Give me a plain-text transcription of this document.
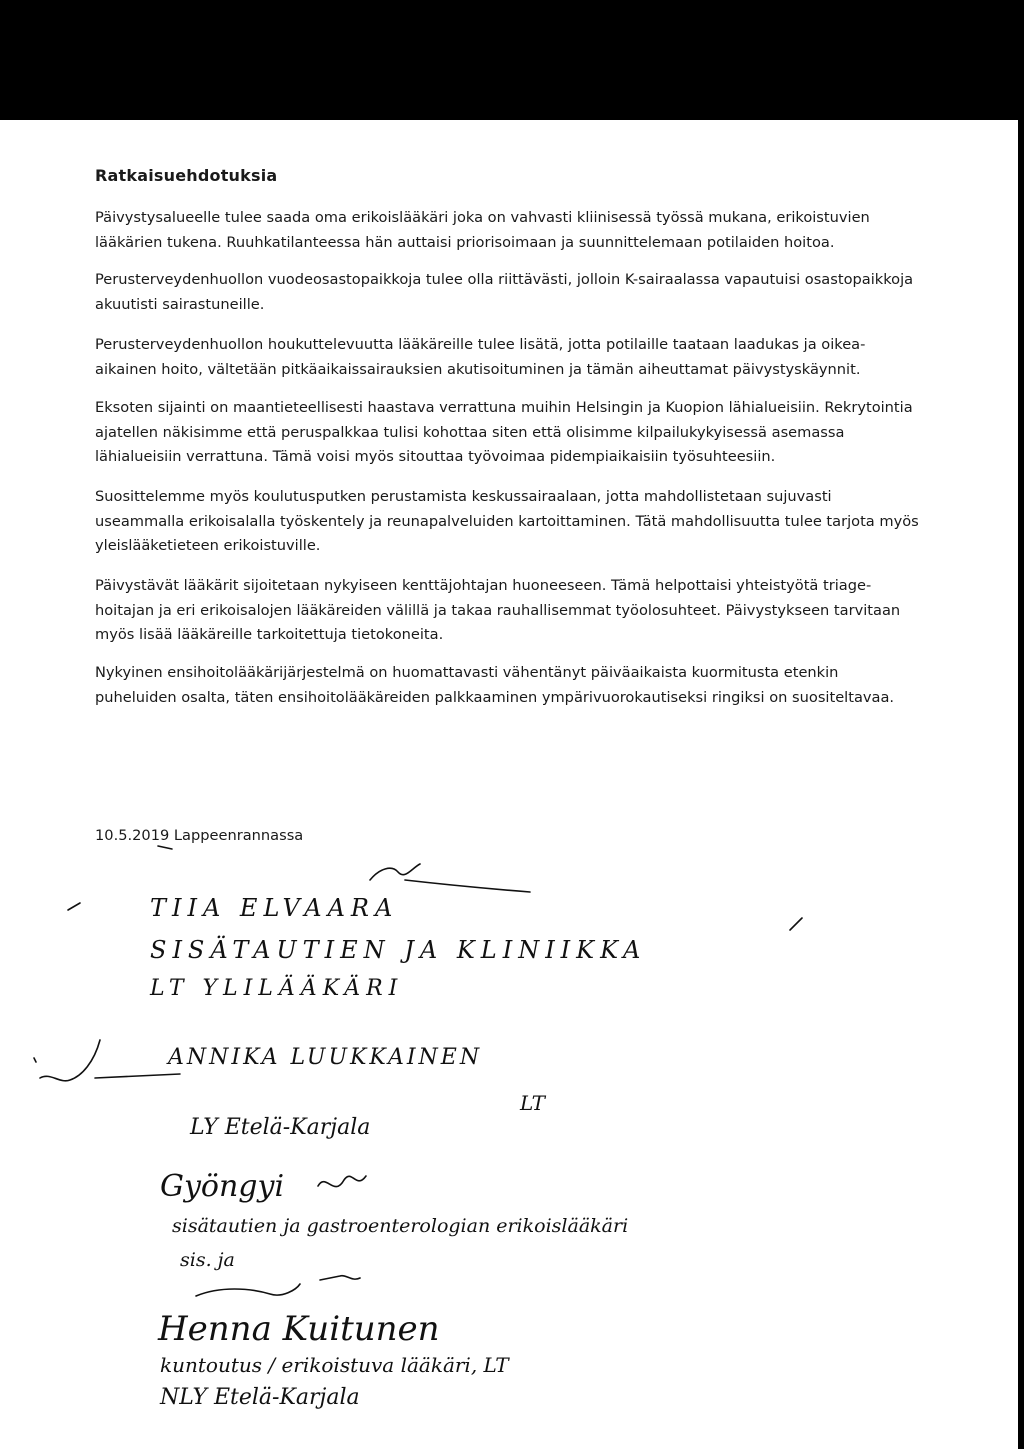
Ratkaisuehdotuksia

Päivystysalueelle tulee saada oma erikoislääkäri joka on vahvasti kliinisessä työssä mukana, erikoistuvien lääkärien tukena. Ruuhkatilanteessa hän auttaisi priorisoimaan ja suunnittelemaan potilaiden hoitoa.

Perusterveydenhuollon vuodeosastopaikkoja tulee olla riittävästi, jolloin K-sairaalassa vapautuisi osastopaikkoja akuutisti sairastuneille.

Perusterveydenhuollon houkuttelevuutta lääkäreille tulee lisätä, jotta potilaille taataan laadukas ja oikea-aikainen hoito, vältetään pitkäaikaissairauksien akutisoituminen ja tämän aiheuttamat päivystyskäynnit.

Eksoten sijainti on maantieteellisesti haastava verrattuna muihin Helsingin ja Kuopion lähialueisiin. Rekrytointia ajatellen näkisimme että peruspalkkaa tulisi kohottaa siten että olisimme kilpailukykyisessä asemassa lähialueisiin verrattuna. Tämä voisi myös sitouttaa työvoimaa pidempiaikaisiin työsuhteesiin.

Suosittelemme myös koulutusputken perustamista keskussairaalaan, jotta mahdollistetaan sujuvasti useammalla erikoisalalla työskentely ja reunapalveluiden kartoittaminen. Tätä mahdollisuutta tulee tarjota myös yleislääketieteen erikoistuville.

Päivystävät lääkärit sijoitetaan nykyiseen kenttäjohtajan huoneeseen. Tämä helpottaisi yhteistyötä triage-hoitajan ja eri erikoisalojen lääkäreiden välillä ja takaa rauhallisemmat työolosuhteet. Päivystykseen tarvitaan myös lisää lääkäreille tarkoitettuja tietokoneita.

Nykyinen ensihoitolääkärijärjestelmä on huomattavasti vähentänyt päiväaikaista kuormitusta etenkin puheluiden osalta, täten ensihoitolääkäreiden palkkaaminen ympärivuorokautiseksi ringiksi on suositeltavaa.

10.5.2019 Lappeenrannassa
TIIA ELVAARA
SISÄTAUTIEN JA KLINIIKKA
LT YLILÄÄKÄRI
ANNIKA LUUKKAINEN
LT
LY Etelä-Karjala
Gyöngyi
sisätautien ja gastroenterologian erikoislääkäri
sis. ja
Henna Kuitunen
kuntoutus / erikoistuva lääkäri, LT
NLY Etelä-Karjala
